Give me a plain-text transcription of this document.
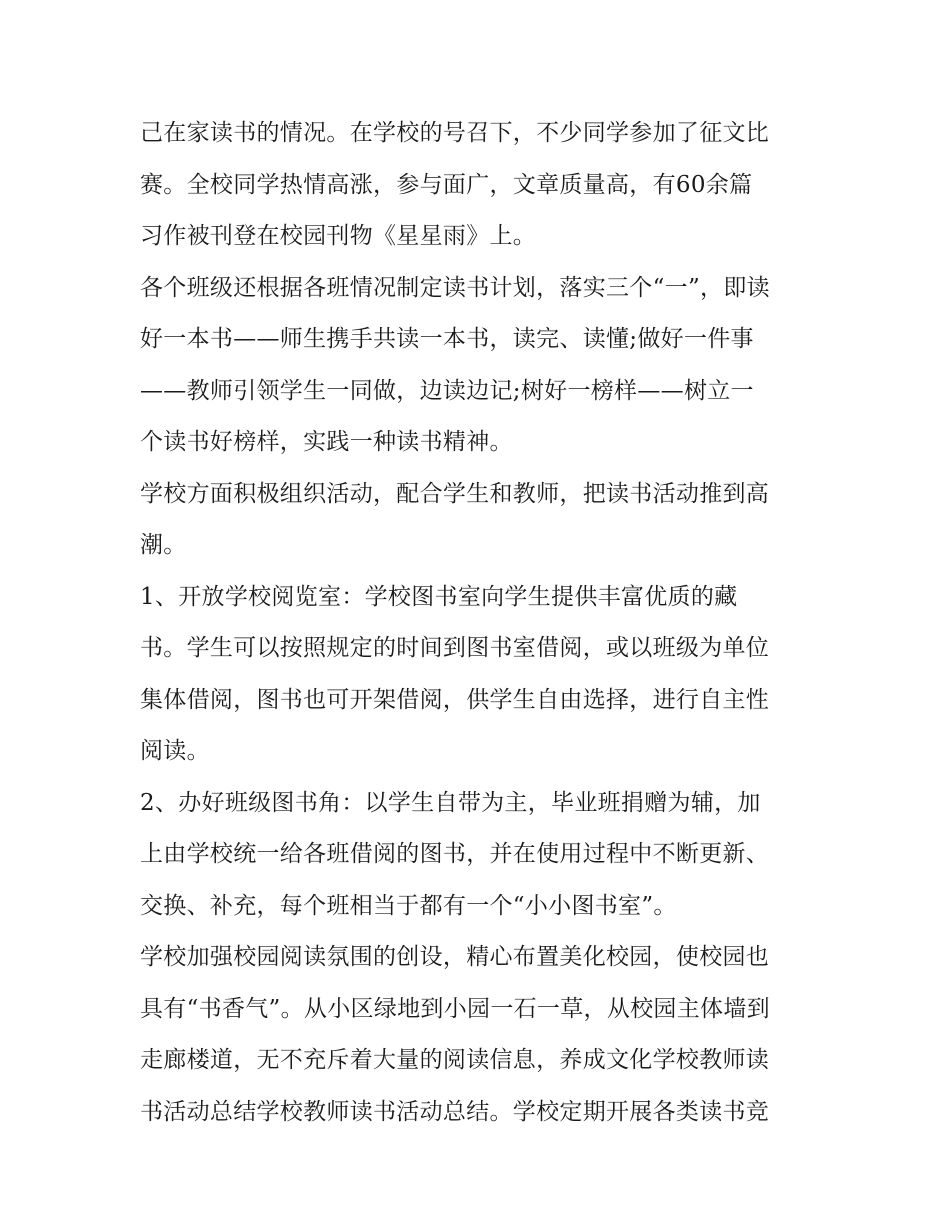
己在家读书的情况。在学校的号召下，不少同学参加了征文比
赛。全校同学热情高涨，参与面广，文章质量高，有60余篇
习作被刊登在校园刊物《星星雨》上。
各个班级还根据各班情况制定读书计划，落实三个“一”，即读
好一本书——师生携手共读一本书，读完、读懂;做好一件事
——教师引领学生一同做，边读边记;树好一榜样——树立一
个读书好榜样，实践一种读书精神。
学校方面积极组织活动，配合学生和教师，把读书活动推到高
潮。
1、开放学校阅览室：学校图书室向学生提供丰富优质的藏
书。学生可以按照规定的时间到图书室借阅，或以班级为单位
集体借阅，图书也可开架借阅，供学生自由选择，进行自主性
阅读。
2、办好班级图书角：以学生自带为主，毕业班捐赠为辅，加
上由学校统一给各班借阅的图书，并在使用过程中不断更新、
交换、补充，每个班相当于都有一个“小小图书室”。
学校加强校园阅读氛围的创设，精心布置美化校园，使校园也
具有“书香气”。从小区绿地到小园一石一草，从校园主体墙到
走廊楼道，无不充斥着大量的阅读信息，养成文化学校教师读
书活动总结学校教师读书活动总结。学校定期开展各类读书竞
